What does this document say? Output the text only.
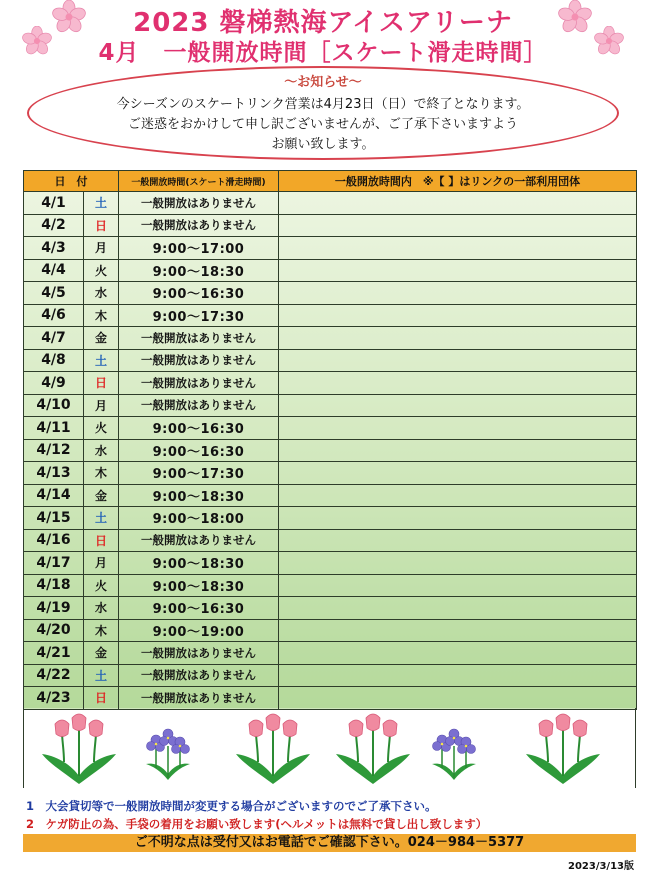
2023 磐梯熱海アイスアリーナ
4月　一般開放時間［スケート滑走時間］
～お知らせ～
今シーズンのスケートリンク営業は4月23日（日）で終了となります。
ご迷惑をおかけして申し訳ございませんが、ご了承下さいますよう
お願い致します。
日　付		一般開放時間(スケート滑走時間)	一般開放時間内　※【 】はリンクの一部利用団体
4/1	土	一般開放はありません	
4/2	日	一般開放はありません	
4/3	月	9:00～17:00	
4/4	火	9:00～18:30	
4/5	水	9:00～16:30	
4/6	木	9:00～17:30	
4/7	金	一般開放はありません	
4/8	土	一般開放はありません	
4/9	日	一般開放はありません	
4/10	月	一般開放はありません	
4/11	火	9:00～16:30	
4/12	水	9:00～16:30	
4/13	木	9:00～17:30	
4/14	金	9:00～18:30	
4/15	土	9:00～18:00	
4/16	日	一般開放はありません	
4/17	月	9:00～18:30	
4/18	火	9:00～18:30	
4/19	水	9:00～16:30	
4/20	木	9:00～19:00	
4/21	金	一般開放はありません	
4/22	土	一般開放はありません	
4/23	日	一般開放はありません	
1　 大会貸切等で一般開放時間が変更する場合がございますのでご了承下さい。
2　 ケガ防止の為、手袋の着用をお願い致します(ヘルメットは無料で貸し出し致します）
ご不明な点は受付又はお電話でご確認下さい。024－984－5377
2023/3/13版
